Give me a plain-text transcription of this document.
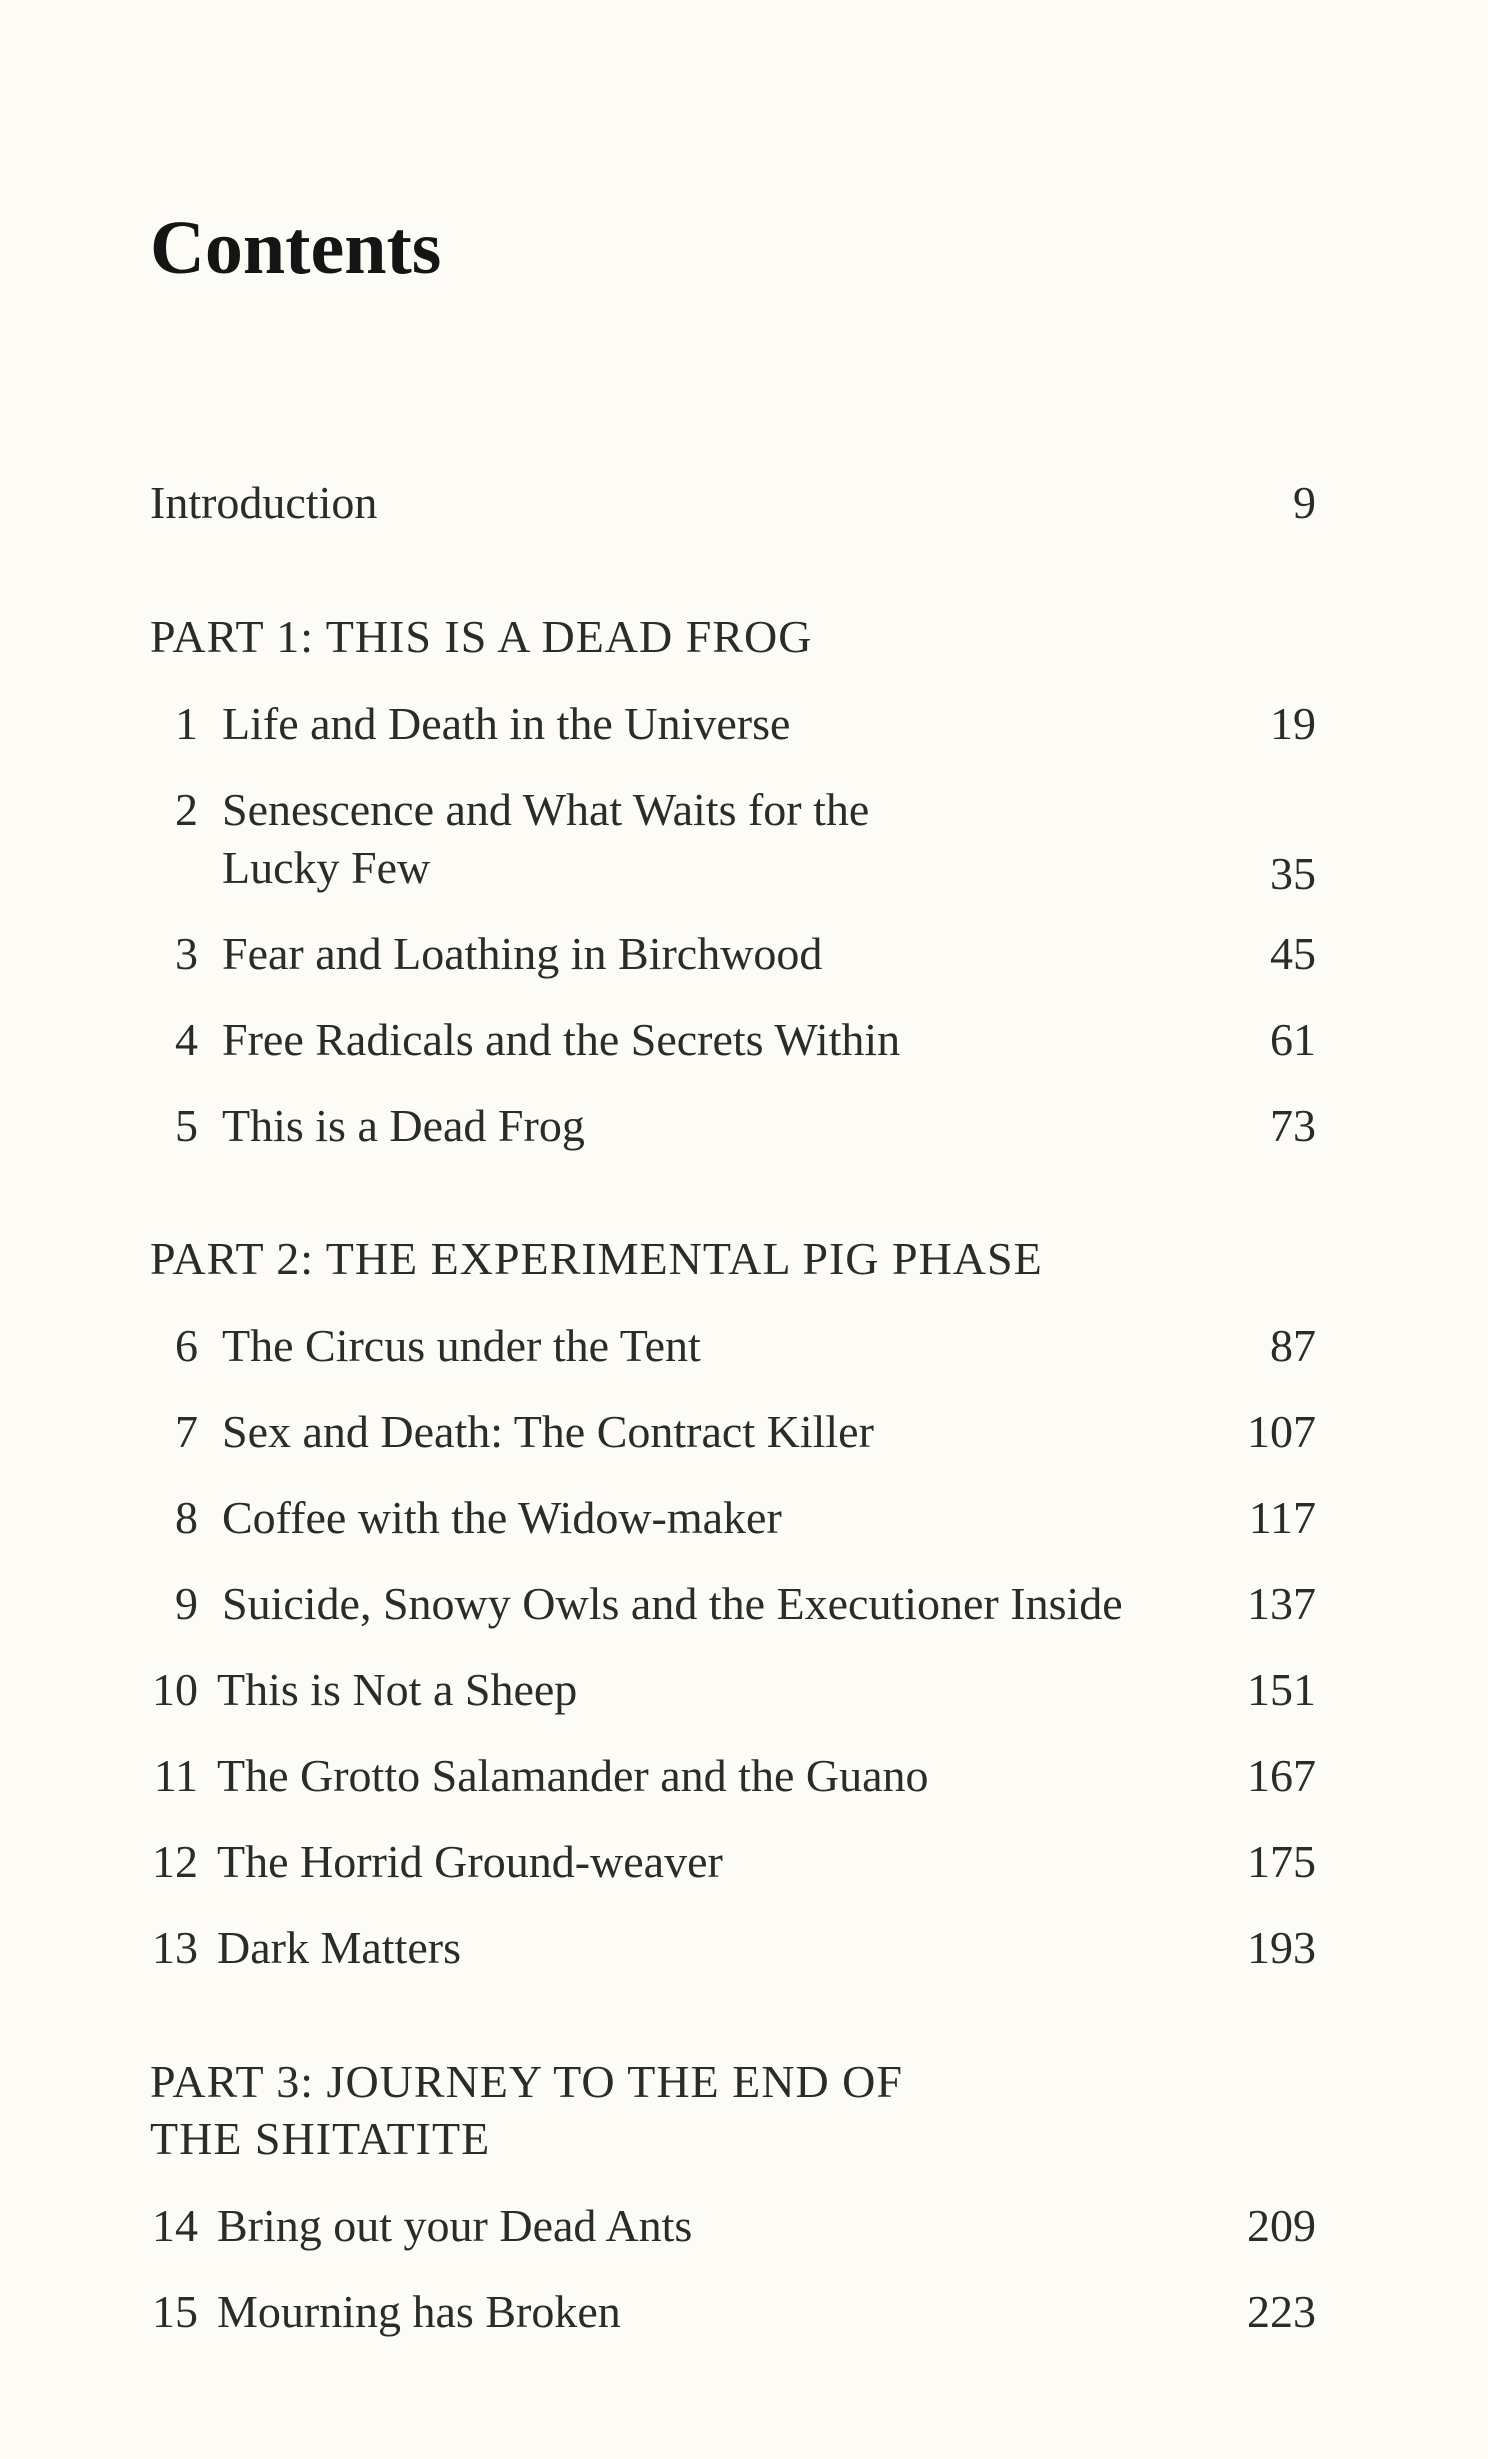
Contents
Introduction	9
PART 1: THIS IS A DEAD FROG
1 Life and Death in the Universe	19
2 Senescence and What Waits for the
Lucky Few	35
3 Fear and Loathing in Birchwood	45
4 Free Radicals and the Secrets Within	61
5 This is a Dead Frog	73
PART 2: THE EXPERIMENTAL PIG PHASE
6 The Circus under the Tent	87
7 Sex and Death: The Contract Killer	107
8 Coffee with the Widow-maker	117
9 Suicide, Snowy Owls and the Executioner Inside	137
10 This is Not a Sheep	151
11 The Grotto Salamander and the Guano	167
12 The Horrid Ground-weaver	175
13 Dark Matters	193
PART 3: JOURNEY TO THE END OF
THE SHITATITE
14 Bring out your Dead Ants	209
15 Mourning has Broken	223
